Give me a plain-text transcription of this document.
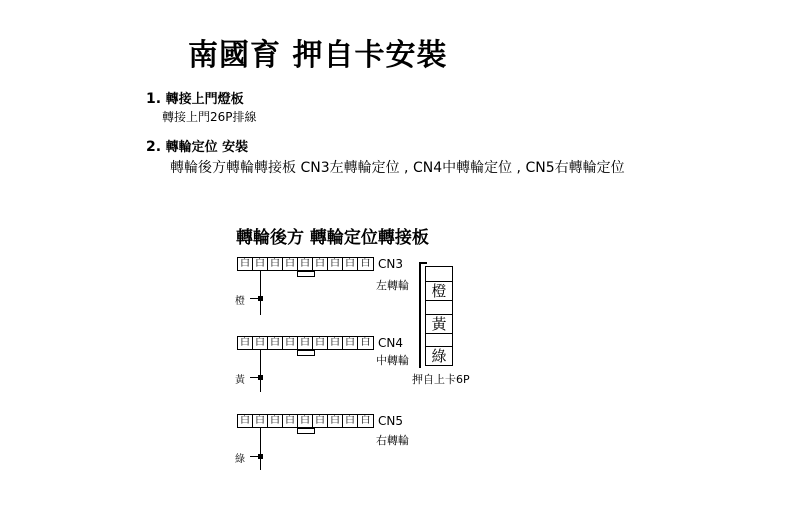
南國育 押自卡安裝
1. 轉接上門燈板
轉接上門26P排線
2. 轉輪定位 安裝
轉輪後方轉輪轉接板 CN3左轉輪定位 , CN4中轉輪定位 , CN5右轉輪定位
轉輪後方 轉輪定位轉接板
白 白 白 白 白 白 白 白 白 CN3
左轉輪
橙
白 白 白 白 白 白 白 白 白 CN4
中轉輪
黃
白 白 白 白 白 白 白 白 白 CN5
右轉輪
綠
橙
黃
綠
押自上卡6P
